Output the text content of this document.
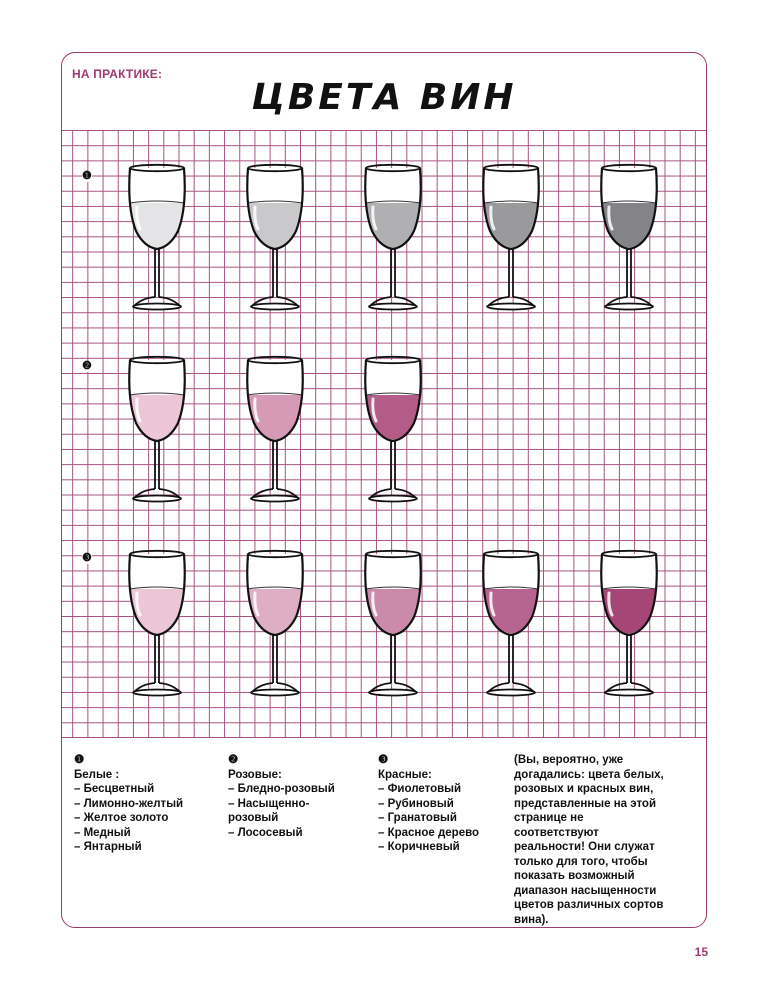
НА ПРАКТИКЕ:
ЦВЕТА ВИН
❶
❷
❸
❶
Белые :
– Бесцветный
– Лимонно-желтый
– Желтое золото
– Медный
– Янтарный
❷
Розовые:
– Бледно-розовый
– Насыщенно-
розовый
– Лососевый
❸
Красные:
– Фиолетовый
– Рубиновый
– Гранатовый
– Красное дерево
– Коричневый
(Вы, вероятно, уже догадались: цвета белых, розовых и красных вин, представленные на этой странице не соответствуют реальности! Они служат только для того, чтобы показать возможный диапазон насыщенности цветов различных сортов вина).
15
